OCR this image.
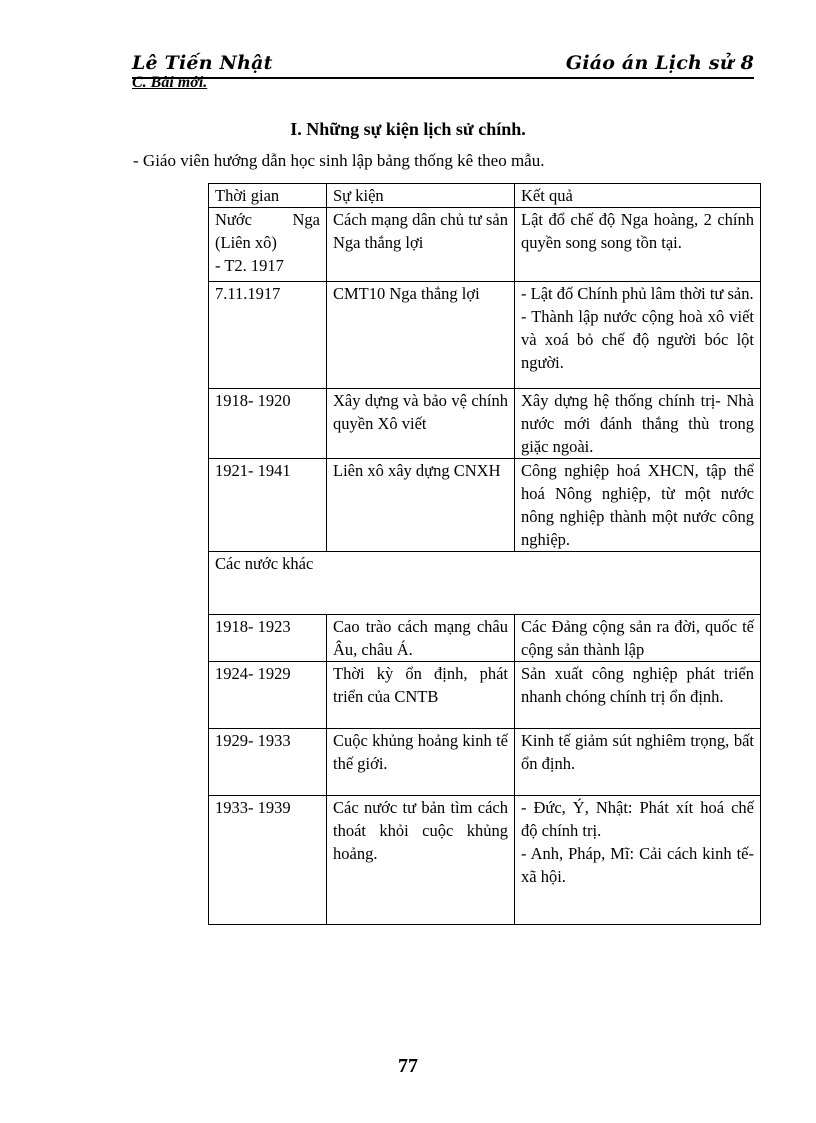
Lê Tiến Nhật	Giáo án Lịch sử 8
C. Bài mới.
I. Những sự kiện lịch sử chính.
- Giáo viên hướng dẫn học sinh lập bảng thống kê theo mẫu.
Thời gian	Sự kiện	Kết quả

Nước Nga (Liên xô)
- T2. 1917	Cách mạng dân chủ tư sản Nga thắng lợi	Lật đổ chế độ Nga hoàng, 2 chính quyền song song tồn tại.

7.11.1917	CMT10 Nga thắng lợi	- Lật đổ Chính phủ lâm thời tư sản.
- Thành lập nước cộng hoà xô viết và xoá bỏ chế độ người bóc lột người.

1918- 1920	Xây dựng và bảo vệ chính quyền Xô viết	Xây dựng hệ thống chính trị- Nhà nước mới đánh thắng thù trong giặc ngoài.

1921- 1941	Liên xô xây dựng CNXH	Công nghiệp hoá XHCN, tập thể hoá Nông nghiệp, từ một nước nông nghiệp thành một nước công nghiệp.

Các nước khác		

1918- 1923	Cao trào cách mạng châu Âu, châu Á.	Các Đảng cộng sản ra đời, quốc tế cộng sản thành lập

1924- 1929	Thời kỳ ổn định, phát triển của CNTB	Sản xuất công nghiệp phát triển nhanh chóng chính trị ổn định.

1929- 1933	Cuộc khủng hoảng kinh tế thế giới.	Kinh tế giảm sút nghiêm trọng, bất ổn định.

1933- 1939	Các nước tư bản tìm cách thoát khỏi cuộc khủng hoảng.	- Đức, Ý, Nhật: Phát xít hoá chế độ chính trị.
- Anh, Pháp, Mĩ: Cải cách kinh tế- xã hội.
77
